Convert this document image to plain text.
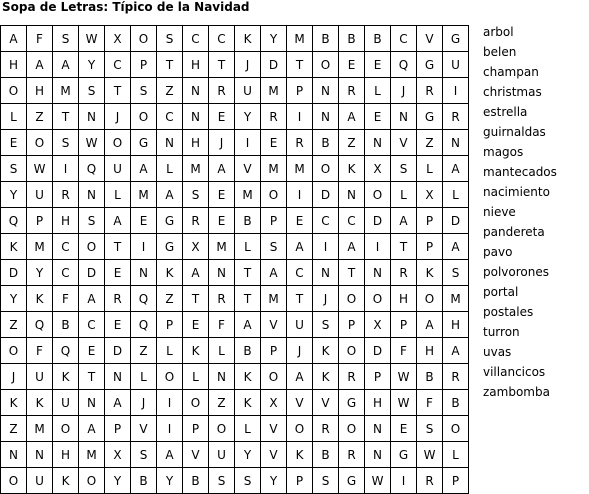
Sopa de Letras: Típico de la Navidad
A	F	S	W	X	O	S	C	C	K	Y	M	B	B	B	C	V	G
H	A	A	Y	C	P	T	H	T	J	D	T	O	E	E	Q	G	U
O	H	M	S	T	S	Z	N	R	U	M	P	N	R	L	J	R	I
L	Z	T	N	J	O	C	N	E	Y	R	I	N	A	E	N	G	R
E	O	S	W	O	G	N	H	J	I	E	R	B	Z	N	V	Z	N
S	W	I	Q	U	A	L	M	A	V	M	M	O	K	X	S	L	A
Y	U	R	N	L	M	A	S	E	M	O	I	D	N	O	L	X	L
Q	P	H	S	A	E	G	R	E	B	P	E	C	C	D	A	P	D
K	M	C	O	T	I	G	X	M	L	S	A	I	A	I	T	P	A
D	Y	C	D	E	N	K	A	N	T	A	C	N	T	N	R	K	S
Y	K	F	A	R	Q	Z	T	R	T	M	T	J	O	O	H	O	M
Z	Q	B	C	E	Q	P	E	F	A	V	U	S	P	X	P	A	H
O	F	Q	E	D	Z	L	K	L	B	P	J	K	O	D	F	H	A
J	U	K	T	N	L	O	L	N	K	O	A	K	R	P	W	B	R
K	K	U	N	A	J	I	O	Z	K	X	V	V	G	H	W	F	B
Z	M	O	A	P	V	I	P	O	L	V	O	R	O	N	E	S	O
N	N	H	M	X	S	A	V	U	Y	V	K	B	R	N	G	W	L
O	U	K	O	Y	B	Y	B	S	S	Y	P	S	G	W	I	R	P
arbol
belen
champan
christmas
estrella
guirnaldas
magos
mantecados
nacimiento
nieve
pandereta
pavo
polvorones
portal
postales
turron
uvas
villancicos
zambomba
